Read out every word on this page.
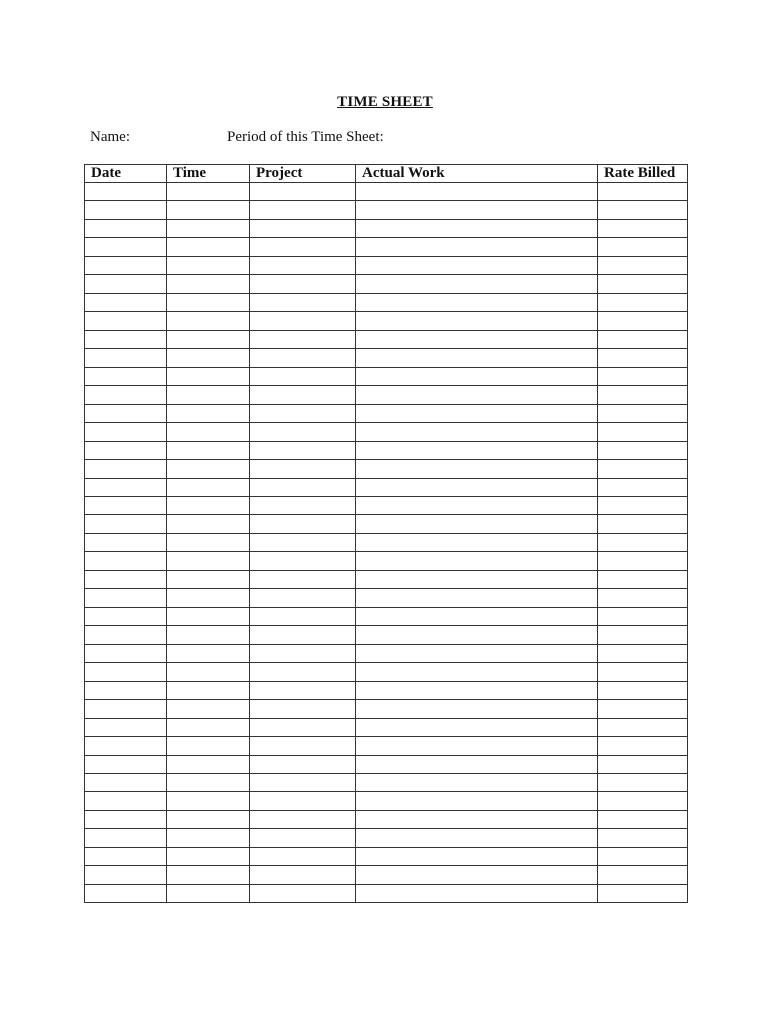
TIME SHEET
Name:	Period of this Time Sheet:
Date	Time	Project	Actual Work	Rate Billed
